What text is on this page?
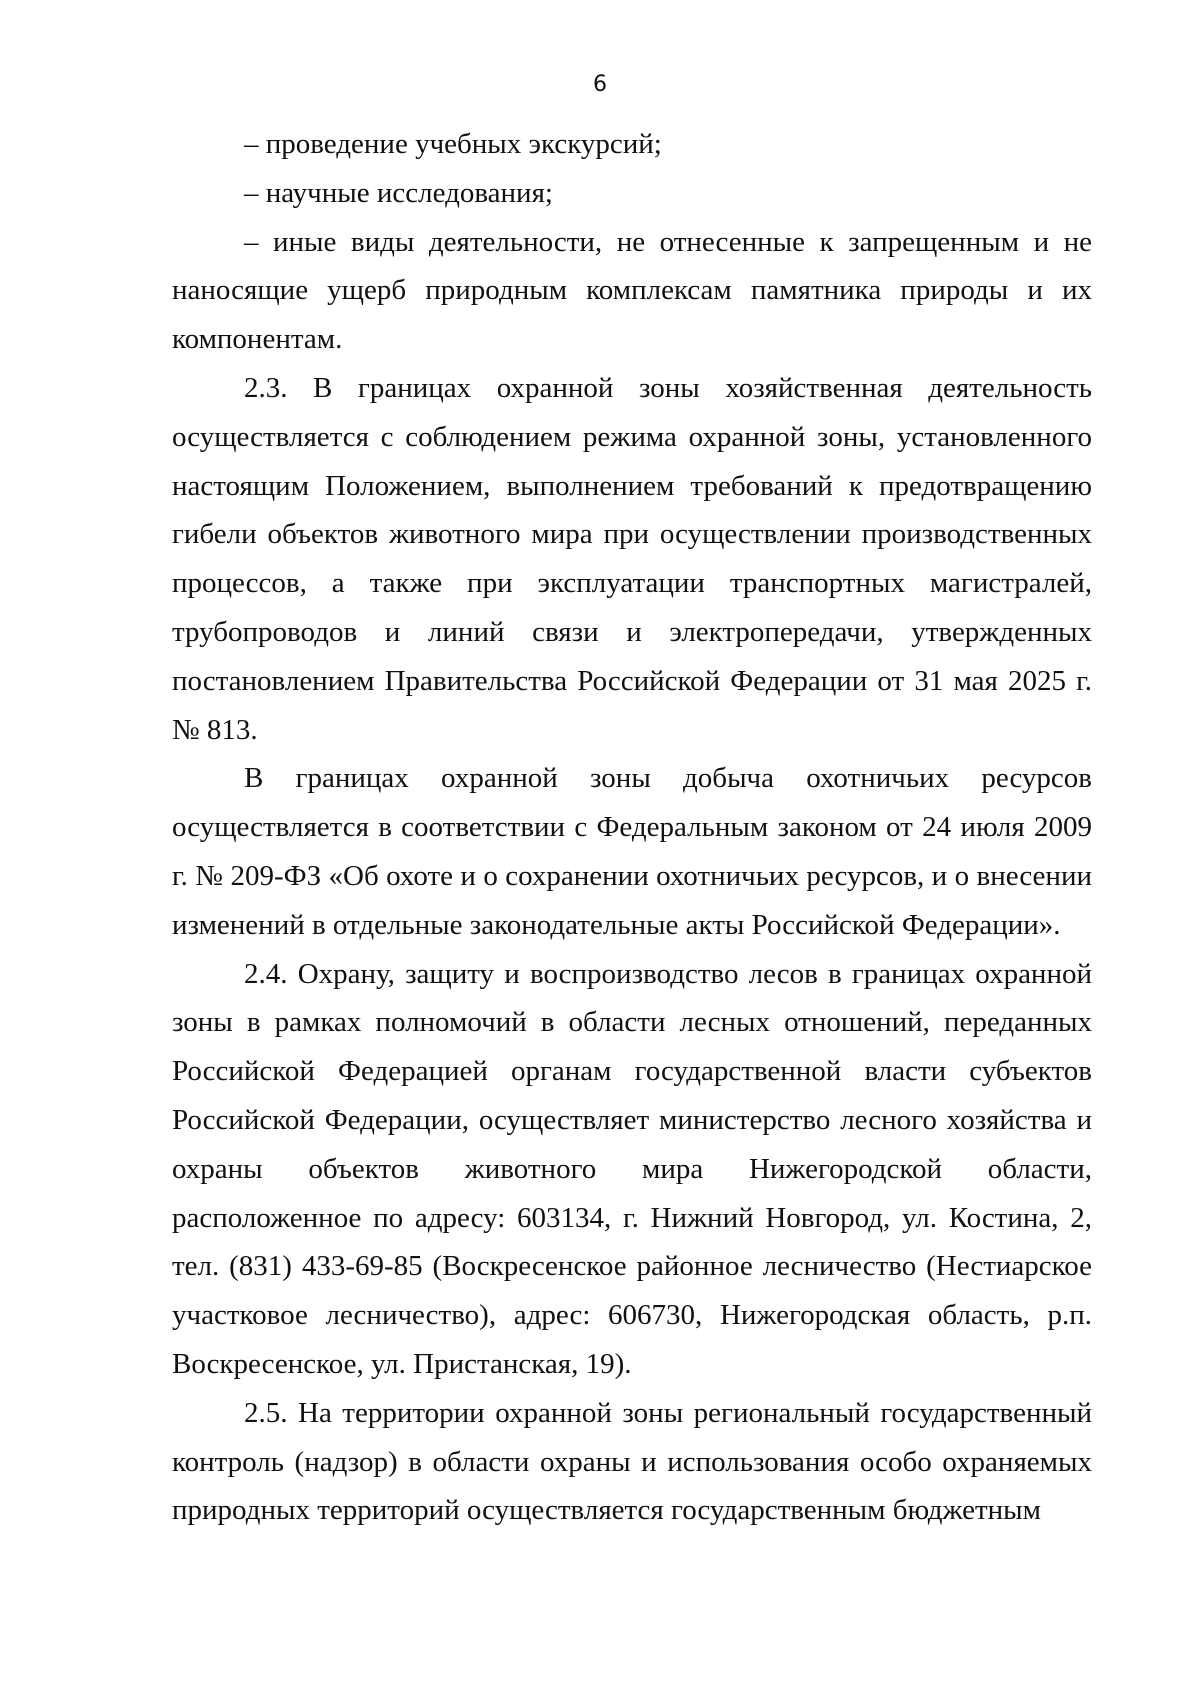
6

– проведение учебных экскурсий;

– научные исследования;

– иные виды деятельности, не отнесенные к запрещенным и не наносящие ущерб природным комплексам памятника природы и их компонентам.

2.3. В границах охранной зоны хозяйственная деятельность осуществляется с соблюдением режима охранной зоны, установленного настоящим Положением, выполнением требований к предотвращению гибели объектов животного мира при осуществлении производственных процессов, а также при эксплуатации транспортных магистралей, трубопроводов и линий связи и электропередачи, утвержденных постановлением Правительства Российской Федерации от 31 мая 2025 г. № 813.

В границах охранной зоны добыча охотничьих ресурсов осуществляется в соответствии с Федеральным законом от 24 июля 2009 г. № 209-ФЗ «Об охоте и о сохранении охотничьих ресурсов, и о внесении изменений в отдельные законодательные акты Российской Федерации».

2.4. Охрану, защиту и воспроизводство лесов в границах охранной зоны в рамках полномочий в области лесных отношений, переданных Российской Федерацией органам государственной власти субъектов Российской Федерации, осуществляет министерство лесного хозяйства и охраны объектов животного мира Нижегородской области, расположенное по адресу: 603134, г. Нижний Новгород, ул. Костина, 2, тел. (831) 433-69-85 (Воскресенское районное лесничество (Нестиарское участковое лесничество), адрес: 606730, Нижегородская область, р.п. Воскресенское, ул. Пристанская, 19).

2.5. На территории охранной зоны региональный государственный контроль (надзор) в области охраны и использования особо охраняемых природных территорий осуществляется государственным бюджетным
